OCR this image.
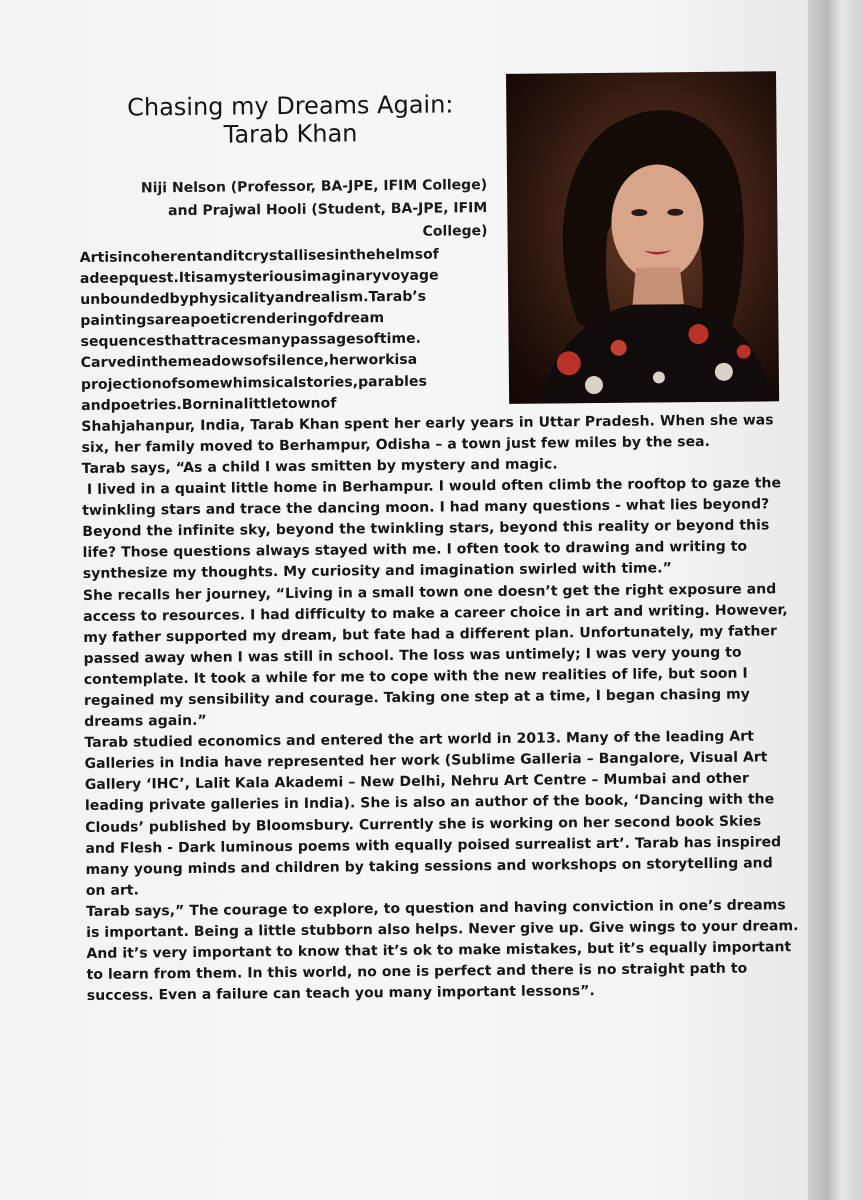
Chasing my Dreams Again:
Tarab Khan
Niji Nelson (Professor, BA-JPE, IFIM College)
and Prajwal Hooli (Student, BA-JPE, IFIM College)
Artisincoherentanditcrystallisesinthehelmsof
adeepquest.Itisamysteriousimaginaryvoyage
unboundedbyphysicalityandrealism.Tarab’s
paintingsareapoeticrenderingofdream
sequencesthattracesmanypassagesoftime.
Carvedinthemeadowsofsilence,herworkisa
projectionofsomewhimsicalstories,parables
andpoetries.Borninalittletownof
Shahjahanpur, India, Tarab Khan spent her early years in Uttar Pradesh. When she was
six, her family moved to Berhampur, Odisha – a town just few miles by the sea.
Tarab says, “As a child I was smitten by mystery and magic.
I lived in a quaint little home in Berhampur. I would often climb the rooftop to gaze the
twinkling stars and trace the dancing moon. I had many questions - what lies beyond?
Beyond the infinite sky, beyond the twinkling stars, beyond this reality or beyond this
life? Those questions always stayed with me. I often took to drawing and writing to
synthesize my thoughts. My curiosity and imagination swirled with time.”
She recalls her journey, “Living in a small town one doesn’t get the right exposure and
access to resources. I had difficulty to make a career choice in art and writing. However,
my father supported my dream, but fate had a different plan. Unfortunately, my father
passed away when I was still in school. The loss was untimely; I was very young to
contemplate. It took a while for me to cope with the new realities of life, but soon I
regained my sensibility and courage. Taking one step at a time, I began chasing my
dreams again.”
Tarab studied economics and entered the art world in 2013. Many of the leading Art
Galleries in India have represented her work (Sublime Galleria – Bangalore, Visual Art
Gallery ‘IHC’, Lalit Kala Akademi – New Delhi, Nehru Art Centre – Mumbai and other
leading private galleries in India). She is also an author of the book, ‘Dancing with the
Clouds’ published by Bloomsbury. Currently she is working on her second book Skies
and Flesh - Dark luminous poems with equally poised surrealist art’. Tarab has inspired
many young minds and children by taking sessions and workshops on storytelling and
on art.
Tarab says,” The courage to explore, to question and having conviction in one’s dreams
is important. Being a little stubborn also helps. Never give up. Give wings to your dream.
And it’s very important to know that it’s ok to make mistakes, but it’s equally important
to learn from them. In this world, no one is perfect and there is no straight path to
success. Even a failure can teach you many important lessons”.
